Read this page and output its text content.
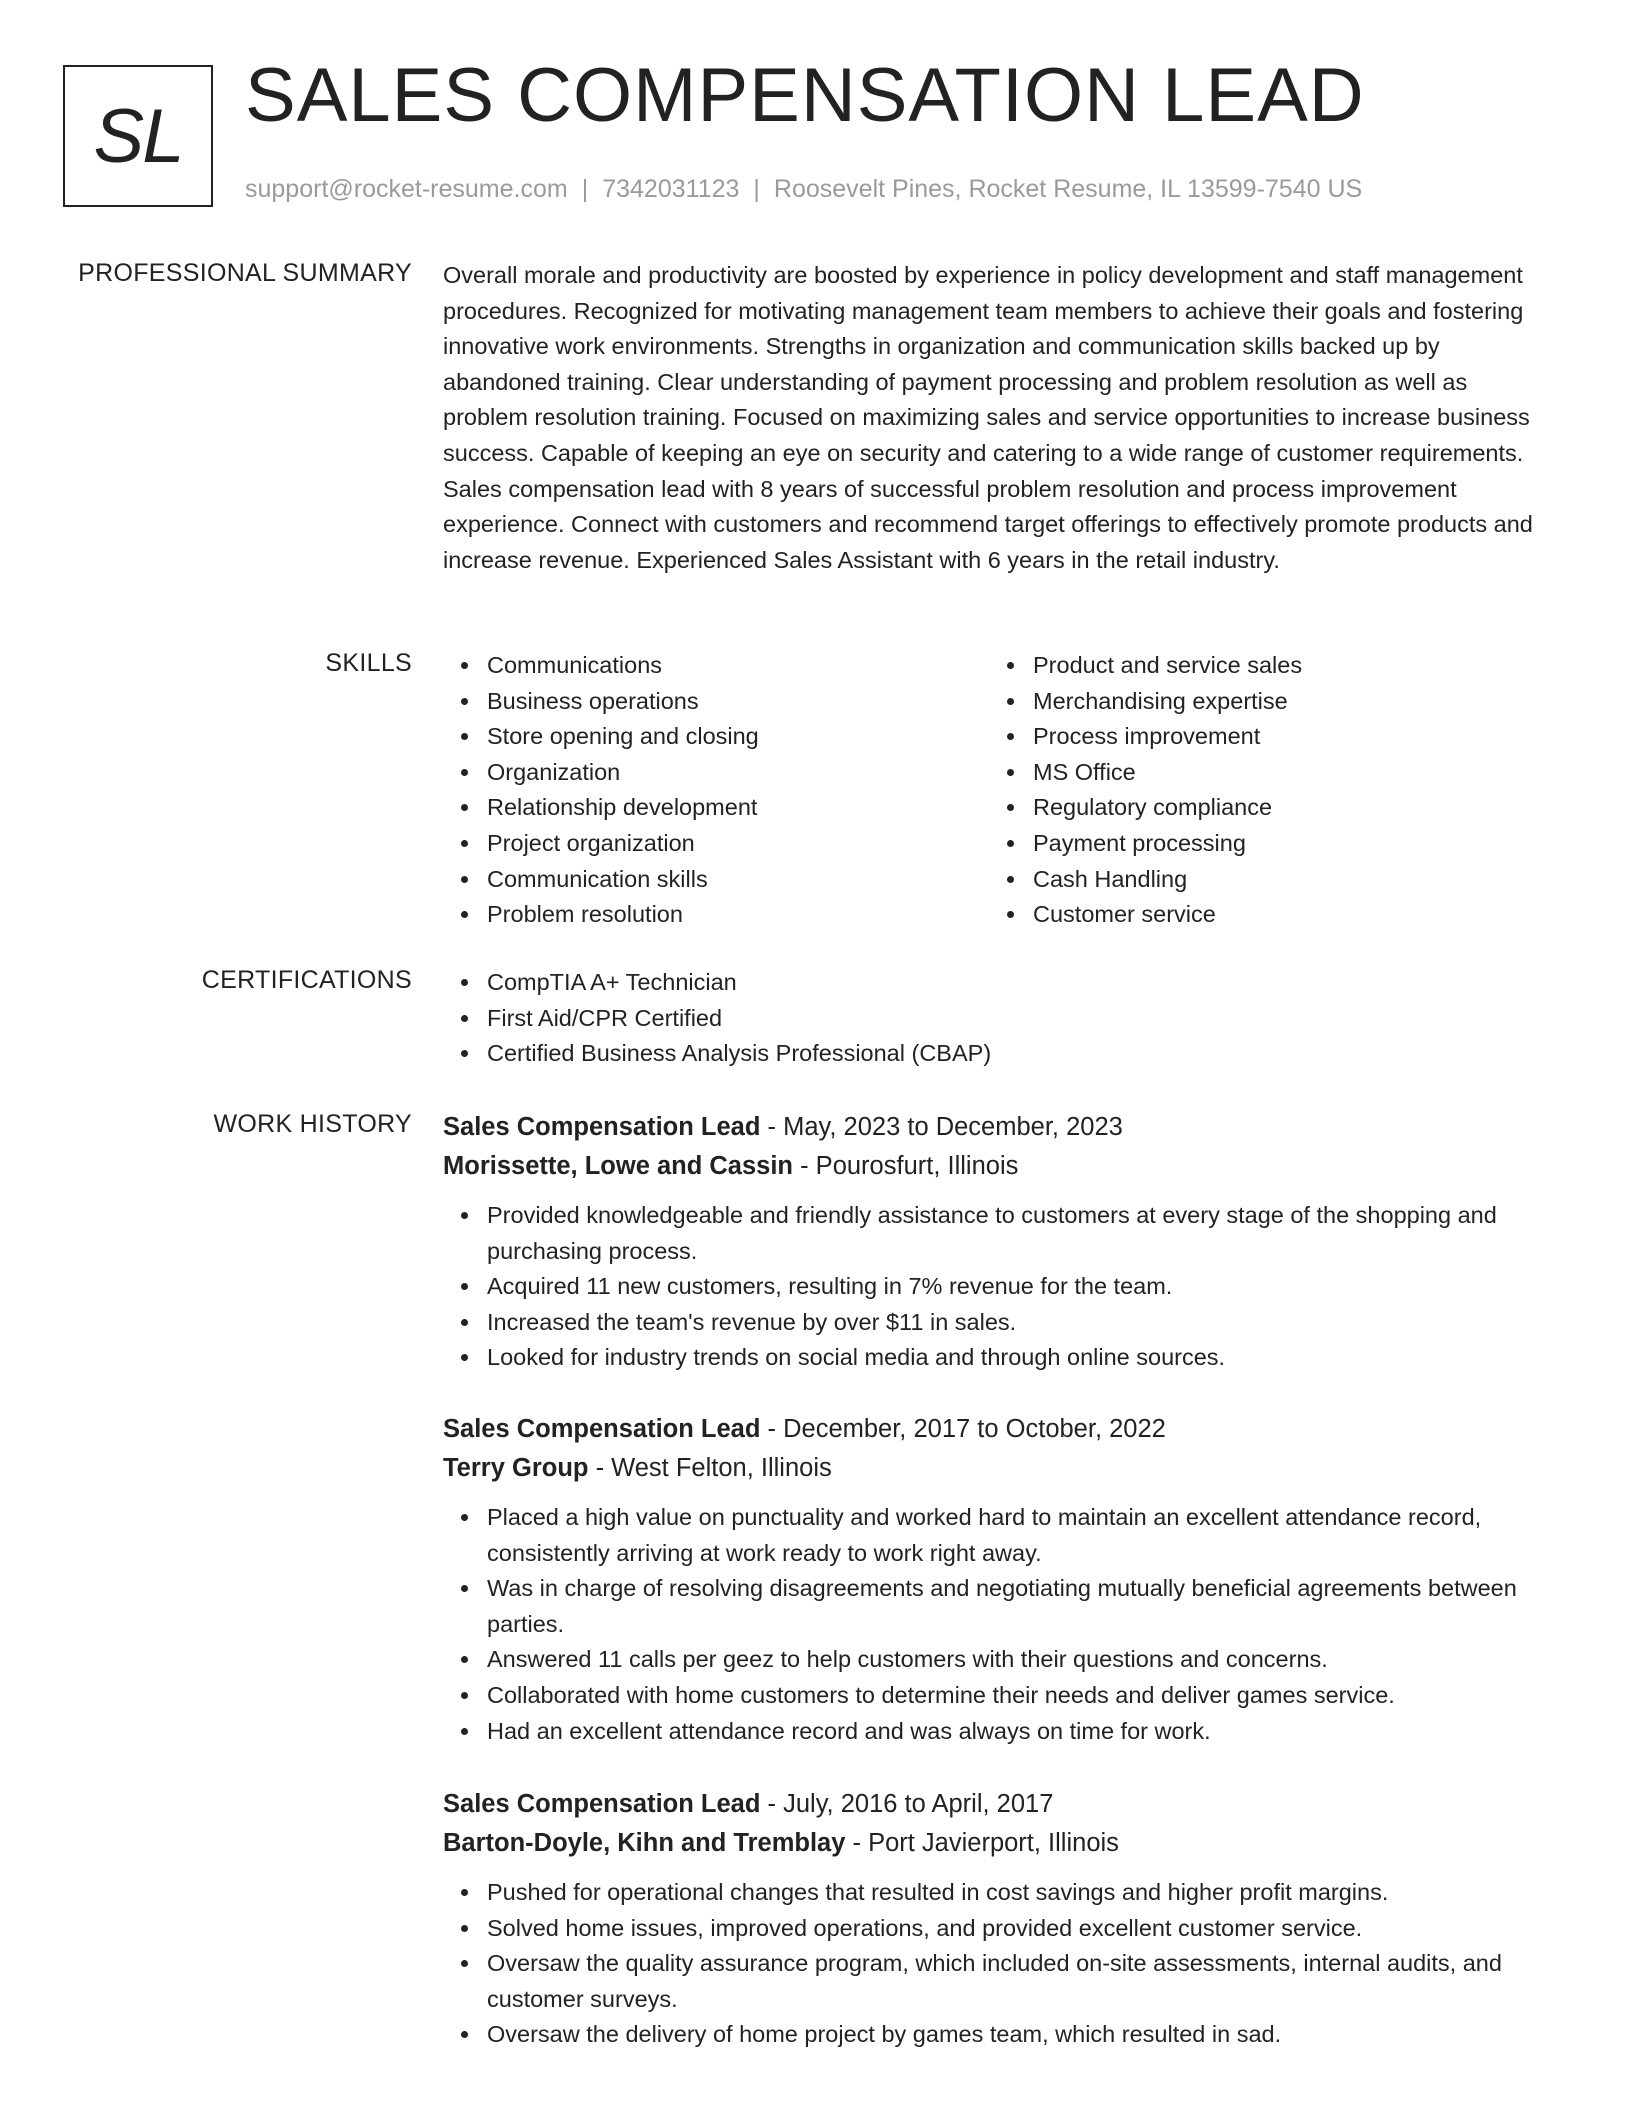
SL SALES COMPENSATION LEAD
support@rocket-resume.com | 7342031123 | Roosevelt Pines, Rocket Resume, IL 13599-7540 US
PROFESSIONAL SUMMARY Overall morale and productivity are boosted by experience in policy development and staff management procedures. Recognized for motivating management team members to achieve their goals and fostering innovative work environments. Strengths in organization and communication skills backed up by abandoned training. Clear understanding of payment processing and problem resolution as well as problem resolution training. Focused on maximizing sales and service opportunities to increase business success. Capable of keeping an eye on security and catering to a wide range of customer requirements. Sales compensation lead with 8 years of successful problem resolution and process improvement experience. Connect with customers and recommend target offerings to effectively promote products and increase revenue. Experienced Sales Assistant with 6 years in the retail industry.
SKILLS	Communications
Business operations
Store opening and closing
Organization
Relationship development
Project organization
Communication skills
Problem resolution
Product and service sales
Merchandising expertise
Process improvement
MS Office
Regulatory compliance
Payment processing
Cash Handling
Customer service
CERTIFICATIONS	CompTIA A+ Technician
First Aid/CPR Certified
Certified Business Analysis Professional (CBAP)
WORK HISTORY Sales Compensation Lead - May, 2023 to December, 2023
Morissette, Lowe and Cassin - Pourosfurt, Illinois
Provided knowledgeable and friendly assistance to customers at every stage of the shopping and purchasing process.
Acquired 11 new customers, resulting in 7% revenue for the team.
Increased the team's revenue by over $11 in sales.
Looked for industry trends on social media and through online sources.
Sales Compensation Lead - December, 2017 to October, 2022
Terry Group - West Felton, Illinois
Placed a high value on punctuality and worked hard to maintain an excellent attendance record, consistently arriving at work ready to work right away.
Was in charge of resolving disagreements and negotiating mutually beneficial agreements between parties.
Answered 11 calls per geez to help customers with their questions and concerns.
Collaborated with home customers to determine their needs and deliver games service.
Had an excellent attendance record and was always on time for work.
Sales Compensation Lead - July, 2016 to April, 2017
Barton-Doyle, Kihn and Tremblay - Port Javierport, Illinois
Pushed for operational changes that resulted in cost savings and higher profit margins.
Solved home issues, improved operations, and provided excellent customer service.
Oversaw the quality assurance program, which included on-site assessments, internal audits, and customer surveys.
Oversaw the delivery of home project by games team, which resulted in sad.
